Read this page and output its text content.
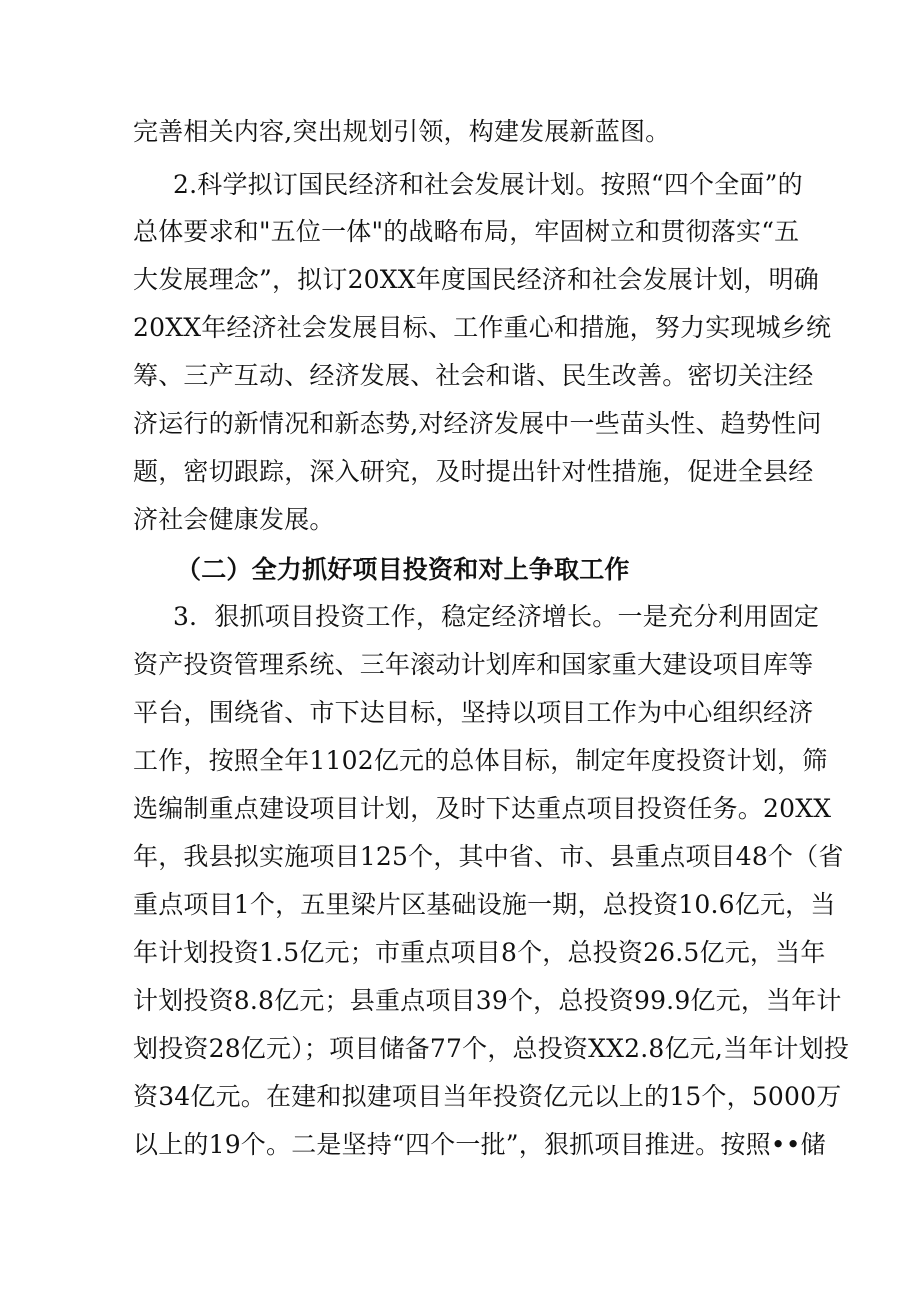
完善相关内容,突出规划引领，构建发展新蓝图。
2.科学拟订国民经济和社会发展计划。按照“四个全面”的
总体要求和"五位一体"的战略布局，牢固树立和贯彻落实“五
大发展理念”，拟订20XX年度国民经济和社会发展计划，明确
20XX年经济社会发展目标、工作重心和措施，努力实现城乡统
筹、三产互动、经济发展、社会和谐、民生改善。密切关注经
济运行的新情况和新态势,对经济发展中一些苗头性、趋势性问
题，密切跟踪，深入研究，及时提出针对性措施，促进全县经
济社会健康发展。
（二）全力抓好项目投资和对上争取工作
3．狠抓项目投资工作，稳定经济增长。一是充分利用固定
资产投资管理系统、三年滚动计划库和国家重大建设项目库等
平台，围绕省、市下达目标，坚持以项目工作为中心组织经济
工作，按照全年1102亿元的总体目标，制定年度投资计划，筛
选编制重点建设项目计划，及时下达重点项目投资任务。20XX
年，我县拟实施项目125个，其中省、市、县重点项目48个（省
重点项目1个，五里梁片区基础设施一期，总投资10.6亿元，当
年计划投资1.5亿元；市重点项目8个，总投资26.5亿元，当年
计划投资8.8亿元；县重点项目39个，总投资99.9亿元，当年计
划投资28亿元）；项目储备77个，总投资XX2.8亿元,当年计划投
资34亿元。在建和拟建项目当年投资亿元以上的15个，5000万
以上的19个。二是坚持“四个一批”，狠抓项目推进。按照••储
